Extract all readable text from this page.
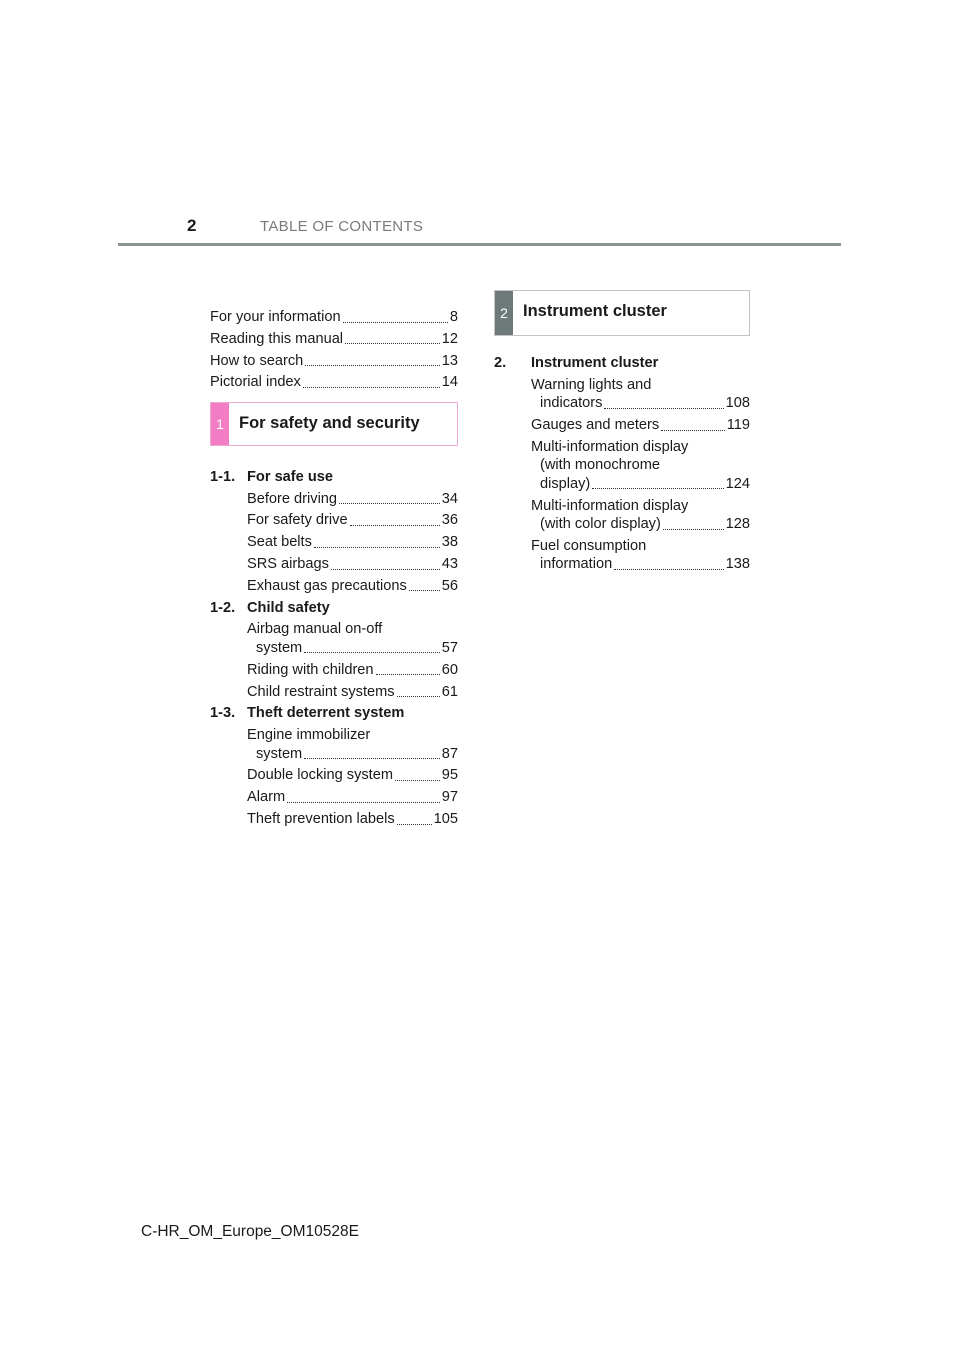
2	TABLE OF CONTENTS
For your information	8
Reading this manual	12
How to search	13
Pictorial index	14
1 For safety and security
1-1. For safe use
Before driving	34
For safety drive	36
Seat belts	38
SRS airbags	43
Exhaust gas precautions 56
1-2. Child safety
Airbag manual on-off
system	57
Riding with children	60
Child restraint systems	61
1-3. Theft deterrent system
Engine immobilizer
system	87
Double locking system	95
Alarm	97
Theft prevention labels	105
2 Instrument cluster
2.	Instrument cluster
Warning lights and
indicators	108
Gauges and meters	119
Multi-information display
(with monochrome
display)	124
Multi-information display
(with color display)	128
Fuel consumption
information	138
C-HR_OM_Europe_OM10528E
